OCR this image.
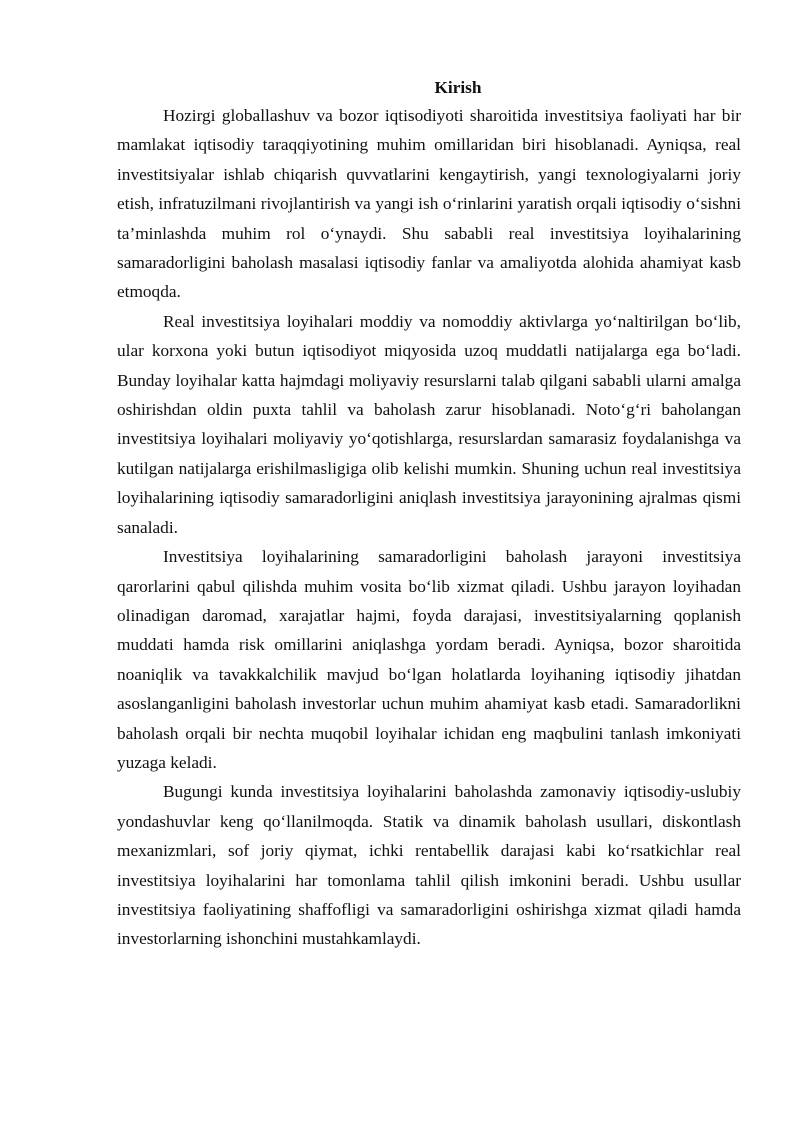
Kirish

Hozirgi globallashuv va bozor iqtisodiyoti sharoitida investitsiya faoliyati har bir mamlakat iqtisodiy taraqqiyotining muhim omillaridan biri hisoblanadi. Ayniqsa, real investitsiyalar ishlab chiqarish quvvatlarini kengaytirish, yangi texnologiyalarni joriy etish, infratuzilmani rivojlantirish va yangi ish o‘rinlarini yaratish orqali iqtisodiy o‘sishni ta’minlashda muhim rol o‘ynaydi. Shu sababli real investitsiya loyihalarining samaradorligini baholash masalasi iqtisodiy fanlar va amaliyotda alohida ahamiyat kasb etmoqda.

Real investitsiya loyihalari moddiy va nomoddiy aktivlarga yo‘naltirilgan bo‘lib, ular korxona yoki butun iqtisodiyot miqyosida uzoq muddatli natijalarga ega bo‘ladi. Bunday loyihalar katta hajmdagi moliyaviy resurslarni talab qilgani sababli ularni amalga oshirishdan oldin puxta tahlil va baholash zarur hisoblanadi. Noto‘g‘ri baholangan investitsiya loyihalari moliyaviy yo‘qotishlarga, resurslardan samarasiz foydalanishga va kutilgan natijalarga erishilmasligiga olib kelishi mumkin. Shuning uchun real investitsiya loyihalarining iqtisodiy samaradorligini aniqlash investitsiya jarayonining ajralmas qismi sanaladi.

Investitsiya loyihalarining samaradorligini baholash jarayoni investitsiya qarorlarini qabul qilishda muhim vosita bo‘lib xizmat qiladi. Ushbu jarayon loyihadan olinadigan daromad, xarajatlar hajmi, foyda darajasi, investitsiyalarning qoplanish muddati hamda risk omillarini aniqlashga yordam beradi. Ayniqsa, bozor sharoitida noaniqlik va tavakkalchilik mavjud bo‘lgan holatlarda loyihaning iqtisodiy jihatdan asoslanganligini baholash investorlar uchun muhim ahamiyat kasb etadi. Samaradorlikni baholash orqali bir nechta muqobil loyihalar ichidan eng maqbulini tanlash imkoniyati yuzaga keladi.

Bugungi kunda investitsiya loyihalarini baholashda zamonaviy iqtisodiy-uslubiy yondashuvlar keng qo‘llanilmoqda. Statik va dinamik baholash usullari, diskontlash mexanizmlari, sof joriy qiymat, ichki rentabellik darajasi kabi ko‘rsatkichlar real investitsiya loyihalarini har tomonlama tahlil qilish imkonini beradi. Ushbu usullar investitsiya faoliyatining shaffofligi va samaradorligini oshirishga xizmat qiladi hamda investorlarning ishonchini mustahkamlaydi.
